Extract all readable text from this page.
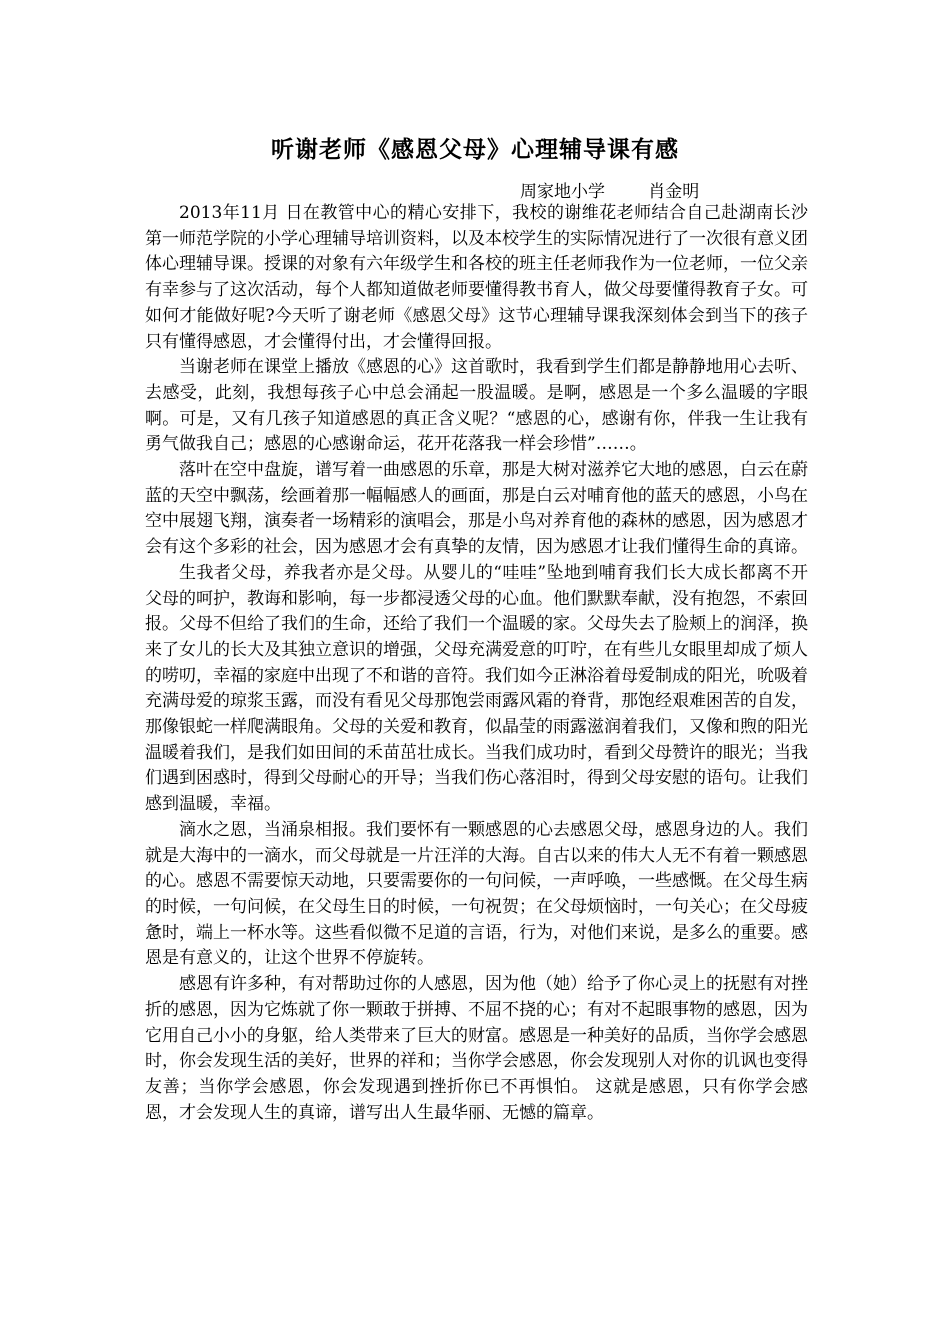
听谢老师《感恩父母》心理辅导课有感
周家地小学        肖金明

2013年11月 日在教管中心的精心安排下，我校的谢维花老师结合自己赴湖南长沙第一师范学院的小学心理辅导培训资料，以及本校学生的实际情况进行了一次很有意义团体心理辅导课。授课的对象有六年级学生和各校的班主任老师我作为一位老师，一位父亲有幸参与了这次活动，每个人都知道做老师要懂得教书育人，做父母要懂得教育子女。可如何才能做好呢?今天听了谢老师《感恩父母》这节心理辅导课我深刻体会到当下的孩子只有懂得感恩，才会懂得付出，才会懂得回报。

当谢老师在课堂上播放《感恩的心》这首歌时，我看到学生们都是静静地用心去听、去感受，此刻，我想每孩子心中总会涌起一股温暖。是啊，感恩是一个多么温暖的字眼啊。可是，又有几孩子知道感恩的真正含义呢？“感恩的心，感谢有你，伴我一生让我有勇气做我自己；感恩的心感谢命运，花开花落我一样会珍惜”……。

落叶在空中盘旋，谱写着一曲感恩的乐章，那是大树对滋养它大地的感恩，白云在蔚蓝的天空中飘荡，绘画着那一幅幅感人的画面，那是白云对哺育他的蓝天的感恩，小鸟在空中展翅飞翔，演奏者一场精彩的演唱会，那是小鸟对养育他的森林的感恩，因为感恩才会有这个多彩的社会，因为感恩才会有真挚的友情，因为感恩才让我们懂得生命的真谛。

生我者父母，养我者亦是父母。从婴儿的“哇哇”坠地到哺育我们长大成长都离不开父母的呵护，教诲和影响，每一步都浸透父母的心血。他们默默奉献，没有抱怨，不索回报。父母不但给了我们的生命，还给了我们一个温暖的家。父母失去了脸颊上的润泽，换来了女儿的长大及其独立意识的增强，父母充满爱意的叮咛，在有些儿女眼里却成了烦人的唠叨，幸福的家庭中出现了不和谐的音符。我们如今正淋浴着母爱制成的阳光，吮吸着充满母爱的琼浆玉露，而没有看见父母那饱尝雨露风霜的脊背，那饱经艰难困苦的自发，那像银蛇一样爬满眼角。父母的关爱和教育，似晶莹的雨露滋润着我们，又像和煦的阳光温暖着我们，是我们如田间的禾苗茁壮成长。当我们成功时，看到父母赞许的眼光；当我们遇到困惑时，得到父母耐心的开导；当我们伤心落泪时，得到父母安慰的语句。让我们感到温暖，幸福。

滴水之恩，当涌泉相报。我们要怀有一颗感恩的心去感恩父母，感恩身边的人。我们就是大海中的一滴水，而父母就是一片汪洋的大海。自古以来的伟大人无不有着一颗感恩的心。感恩不需要惊天动地，只要需要你的一句问候，一声呼唤，一些感慨。在父母生病的时候，一句问候，在父母生日的时候，一句祝贺；在父母烦恼时，一句关心；在父母疲惫时，端上一杯水等。这些看似微不足道的言语，行为，对他们来说，是多么的重要。感恩是有意义的，让这个世界不停旋转。

感恩有许多种，有对帮助过你的人感恩，因为他（她）给予了你心灵上的抚慰有对挫折的感恩，因为它炼就了你一颗敢于拼搏、不屈不挠的心；有对不起眼事物的感恩，因为它用自己小小的身躯，给人类带来了巨大的财富。感恩是一种美好的品质，当你学会感恩时，你会发现生活的美好，世界的祥和；当你学会感恩，你会发现别人对你的讥讽也变得友善；当你学会感恩，你会发现遇到挫折你已不再惧怕。 这就是感恩，只有你学会感恩，才会发现人生的真谛，谱写出人生最华丽、无憾的篇章。
